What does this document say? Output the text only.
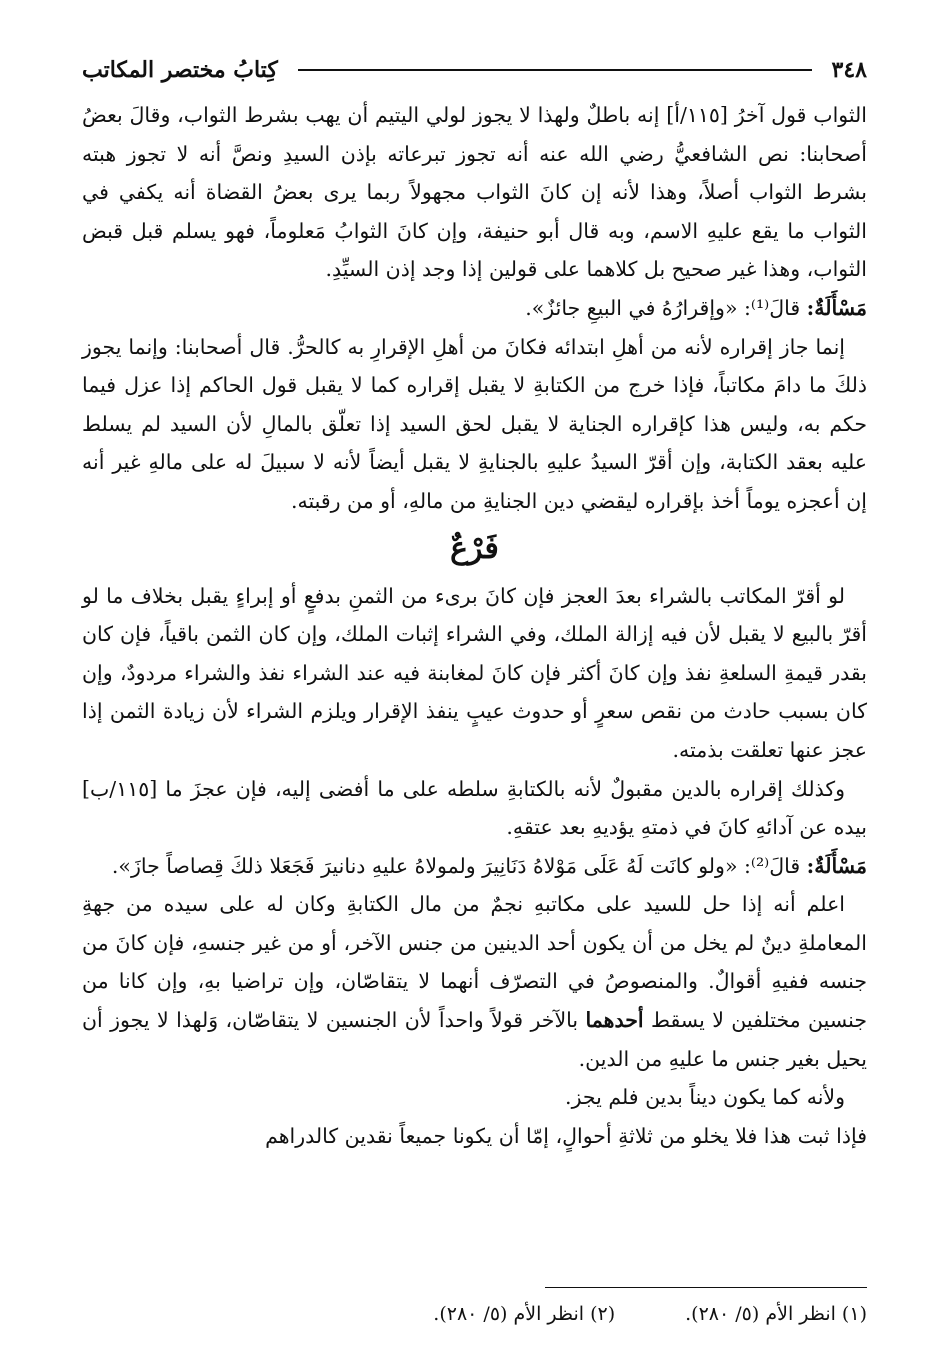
٣٤٨
كِتابُ مختصر المكاتب

الثواب قول آخرُ [١١٥/أ] إنه باطلٌ ولهذا لا يجوز لولي اليتيم أن يهب بشرط الثواب، وقالَ بعضُ أصحابنا: نص الشافعيُّ رضي الله عنه أنه تجوز تبرعاته بإذن السيدِ ونصَّ أنه لا تجوز هبته بشرط الثواب أصلاً، وهذا لأنه إن كانَ الثواب مجهولاً ربما يرى بعضُ القضاة أنه يكفي في الثواب ما يقع عليهِ الاسم، وبه قال أبو حنيفة، وإن كانَ الثوابُ مَعلوماً، فهو يسلم قبل قبض الثواب، وهذا غير صحيح بل كلاهما على قولين إذا وجد إذن السيِّدِ.

مَسْأَلَةٌ: قالَ⁽¹⁾: «وإقرارُهُ في البيعِ جائزٌ».

إنما جاز إقراره لأنه من أهلِ ابتدائه فكانَ من أهلِ الإقرارِ به كالحرُّ. قال أصحابنا: وإنما يجوز ذلكَ ما دامَ مكاتباً، فإذا خرج من الكتابةِ لا يقبل إقراره كما لا يقبل قول الحاكم إذا عزل فيما حكم به، وليس هذا كإقراره الجناية لا يقبل لحق السيد إذا تعلّق بالمالِ لأن السيد لم يسلط عليه بعقد الكتابة، وإن أقرّ السيدُ عليهِ بالجنايةِ لا يقبل أيضاً لأنه لا سبيلَ له على مالهِ غير أنه إن أعجزه يوماً أخذ بإقراره ليقضي دين الجنايةِ من مالهِ، أو من رقبته.

فَرْعٌ

لو أقرّ المكاتب بالشراء بعدَ العجز فإن كانَ برىء من الثمنِ بدفعٍ أو إبراءٍ يقبل بخلاف ما لو أقرّ بالبيع لا يقبل لأن فيه إزالة الملك، وفي الشراء إثبات الملك، وإن كان الثمن باقياً، فإن كان بقدر قيمةِ السلعةِ نفذ وإن كانَ أكثر فإن كانَ لمغابنة فيه عند الشراء نفذ والشراء مردودٌ، وإن كان بسبب حادث من نقص سعرٍ أو حدوث عيبٍ ينفذ الإقرار ويلزم الشراء لأن زيادة الثمن إذا عجز عنها تعلقت بذمته.

وكذلك إقراره بالدين مقبولٌ لأنه بالكتابةِ سلطه على ما أفضى إليه، فإن عجزَ ما [١١٥/ب] بيده عن آدائهِ كانَ في ذمتهِ يؤديهِ بعد عتقهِ.

مَسْأَلَةٌ: قالَ⁽²⁾: «ولو كانَت لَهُ عَلَى مَوْلاهُ دَنَانِيرَ ولمولاهُ عليهِ دنانيرَ فَجَعَلا ذلكَ قِصاصاً جازَ».

اعلم أنه إذا حل للسيد على مكاتبهِ نجمٌ من مال الكتابةِ وكان له على سيده من جهةِ المعاملةِ دينٌ لم يخل من أن يكون أحد الدينين من جنس الآخر، أو من غير جنسهِ، فإن كانَ من جنسه ففيهِ أقوالٌ. والمنصوصُ في التصرّف أنهما لا يتقاصّان، وإن تراضيا بهِ، وإن كانا من جنسين مختلفين لا يسقط أحدهما بالآخر قولاً واحداً لأن الجنسين لا يتقاصّان، وَلهذا لا يجوز أن يحيل بغير جنس ما عليهِ من الدين.

ولأنه كما يكون ديناً بدين فلم يجز.

فإذا ثبت هذا فلا يخلو من ثلاثةِ أحوالٍ، إمّا أن يكونا جميعاً نقدين كالدراهم

(١) انظر الأم (٥/ ٢٨٠).
(٢) انظر الأم (٥/ ٢٨٠).
